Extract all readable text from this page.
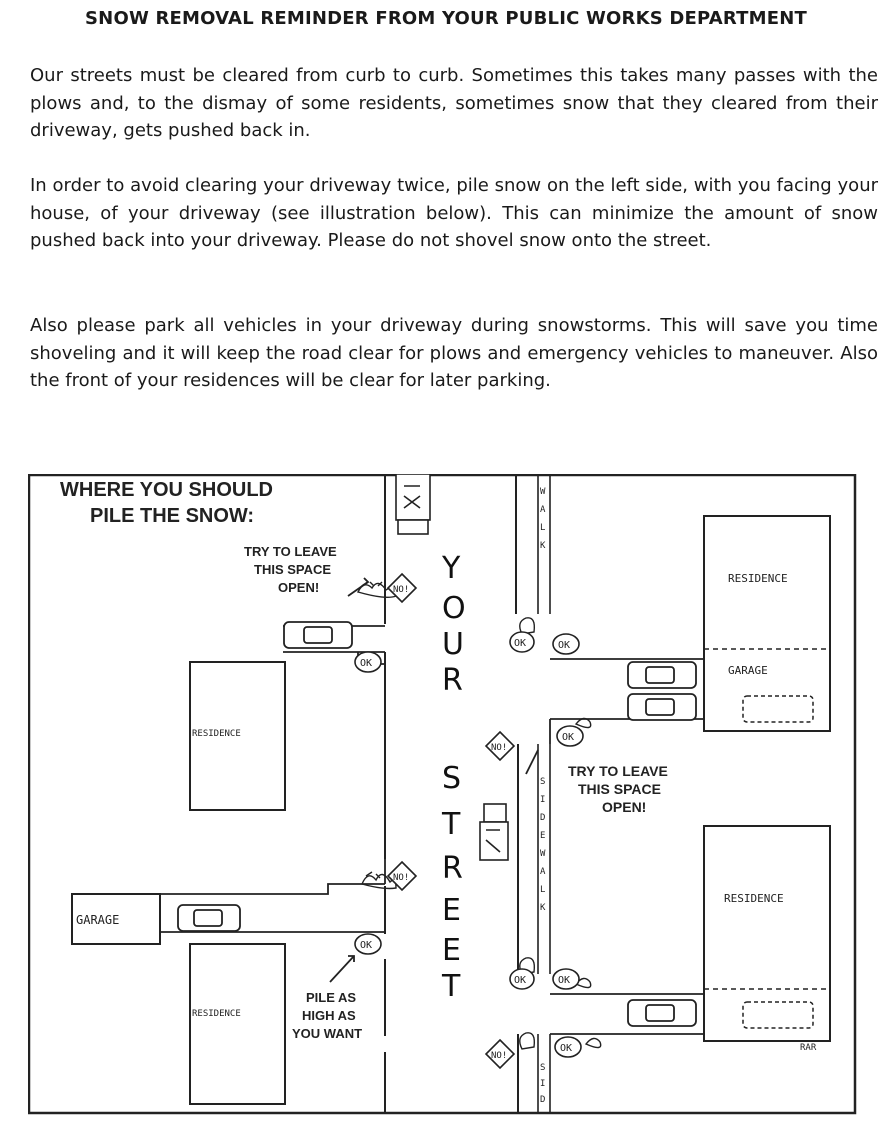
SNOW REMOVAL REMINDER FROM YOUR PUBLIC WORKS DEPARTMENT

Our streets must be cleared from curb to curb. Sometimes this takes many passes with the plows and, to the dismay of some residents, sometimes snow that they cleared from their driveway, gets pushed back in.

In order to avoid clearing your driveway twice, pile snow on the left side, with you facing your house, of your driveway (see illustration below). This can minimize the amount of snow pushed back into your driveway. Please do not shovel snow onto the street.

Also please park all vehicles in your driveway during snowstorms. This will save you time shoveling and it will keep the road clear for plows and emergency vehicles to maneuver. Also the front of your residences will be clear for later parking.

WHERE YOU SHOULD
PILE THE SNOW:
RESIDENCE
RESIDENCE
GARAGE
RESIDENCE
GARAGE
RESIDENCE
OK
OK
OK
OK
OK
OK
OK
OK
NO!
NO!
NO!
NO!
TRY TO LEAVE
THIS SPACE
OPEN!
TRY TO LEAVE
THIS SPACE
OPEN!
PILE AS
HIGH AS
YOU WANT
Y
O
U
R
S
T
R
E
E
T
W
A
L
K
S
I
D
E
W
A
L
K
S
I
D
RAR
